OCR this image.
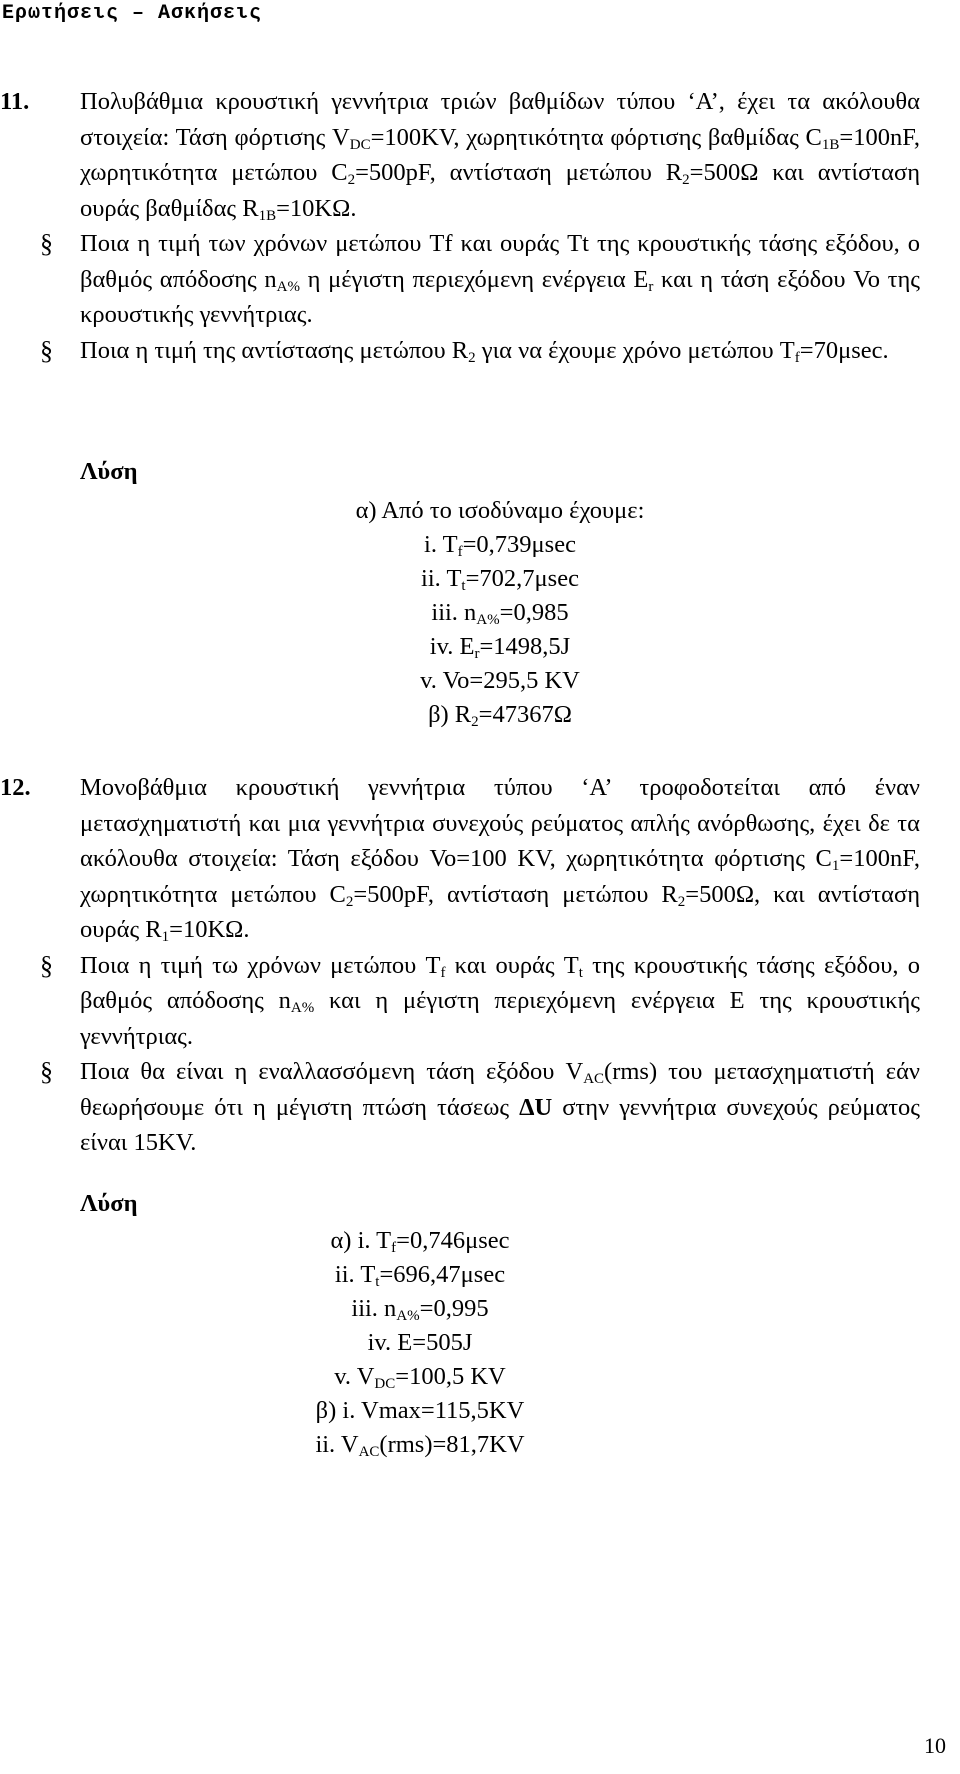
Ερωτήσεις – Ασκήσεις

11. Πολυβάθμια κρουστική γεννήτρια τριών βαθμίδων τύπου ‘Α’, έχει τα ακόλουθα στοιχεία: Τάση φόρτισης $V_{DC}=100KV$, χωρητικότητα φόρτισης βαθμίδας $C_{1B}=100nF$, χωρητικότητα μετώπου $C_2=500pF$, αντίσταση μετώπου $R_2=500\Omega$ και αντίσταση ουράς βαθμίδας $R_{1B}=10K\Omega$.

§	Ποια η τιμή των χρόνων μετώπου Tf και ουράς Tt της κρουστικής τάσης εξόδου, ο βαθμός απόδοσης $n_{A\%}$ η μέγιστη περιεχόμενη ενέργεια $E_r$ και η τάση εξόδου Vo της κρουστικής γεννήτριας.

§	Ποια η τιμή της αντίστασης μετώπου $R_2$ για να έχουμε χρόνο μετώπου $T_f=70\mu\sec$.

Λύση
α) Από το ισοδύναμο έχουμε:
i. $T_f=0,739\mu\sec$
ii. $T_t=702,7\mu\sec$
iii. $n_{A\%}=0,985$
iv. $E_r=1498,5J$
v. Vo=295,5 KV
β) $R_2=47367\Omega$

12. Μονοβάθμια κρουστική γεννήτρια τύπου ‘Α’ τροφοδοτείται από έναν μετασχηματιστή και μια γεννήτρια συνεχούς ρεύματος απλής ανόρθωσης, έχει δε τα ακόλουθα στοιχεία: Τάση εξόδου Vo=100 KV, χωρητικότητα φόρτισης $C_1=100nF$, χωρητικότητα μετώπου $C_2=500pF$, αντίσταση μετώπου $R_2=500\Omega$, και αντίσταση ουράς $R_1=10K\Omega$.

§	Ποια η τιμή τω χρόνων μετώπου $T_f$ και ουράς $T_t$ της κρουστικής τάσης εξόδου, ο βαθμός απόδοσης $n_{A\%}$ και η μέγιστη περιεχόμενη ενέργεια Ε της κρουστικής γεννήτριας.

§	Ποια θα είναι η εναλλασσόμενη τάση εξόδου $V_{AC}(rms)$ του μετασχηματιστή εάν θεωρήσουμε ότι η μέγιστη πτώση τάσεως ΔU στην γεννήτρια συνεχούς ρεύματος είναι 15KV.

Λύση
α) i. $T_f=0,746\mu\sec$
ii. $T_t=696,47\mu\sec$
iii. $n_{A\%}=0,995$
iv. E=505J
v. $V_{DC}=100,5$ KV
β) i. Vmax=115,5KV
ii. $V_{AC}(rms)=81,7KV$
10
